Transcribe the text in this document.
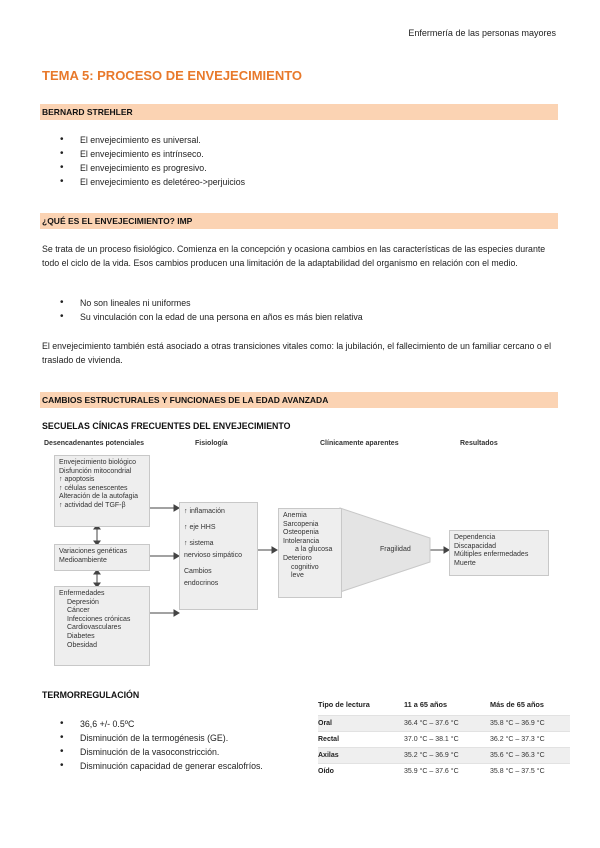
Enfermería de las personas mayores
TEMA 5: PROCESO DE ENVEJECIMIENTO
BERNARD STREHLER
• El envejecimiento es universal.
• El envejecimiento es intrínseco.
• El envejecimiento es progresivo.
• El envejecimiento es deletéreo->perjuicios
¿QUÉ ES EL ENVEJECIMIENTO? IMP
Se trata de un proceso fisiológico. Comienza en la concepción y ocasiona cambios en las características de las especies durante todo el ciclo de la vida. Esos cambios producen una limitación de la adaptabilidad del organismo en relación con el medio.
• No son lineales ni uniformes
• Su vinculación con la edad de una persona en años es más bien relativa
El envejecimiento también está asociado a otras transiciones vitales como: la jubilación, el fallecimiento de un familiar cercano o el traslado de vivienda.
CAMBIOS ESTRUCTURALES Y FUNCIONAES DE LA EDAD AVANZADA
SECUELAS CÍNICAS FRECUENTES DEL ENVEJECIMIENTO
Desencadenantes potenciales	Fisiología	Clínicamente aparentes	Resultados
Envejecimiento biológico
Disfunción mitocondrial
↑ apoptosis
↑ células senescentes
Alteración de la autofagia
↑ actividad del TGF-β
Variaciones genéticas
Medioambiente
Enfermedades
Depresión
Cáncer
Infecciones crónicas
Cardiovasculares
Diabetes
Obesidad
↑ inflamación
↑ eje HHS
↑ sistema
nervioso simpático
Cambios
endocrinos
Anemia
Sarcopenia
Osteopenia
Intolerancia
a la glucosa
Deterioro
cognitivo
leve
Fragilidad
Dependencia
Discapacidad
Múltiples enfermedades
Muerte
TERMORREGULACIÓN
• 36,6 +/- 0.5ºC
• Disminución de la termogénesis (GE).
• Disminución de la vasoconstricción.
• Disminución capacidad de generar escalofríos.
Tipo de lectura	11 a 65 años	Más de 65 años
Oral	36.4 °C – 37.6 °C	35.8 °C – 36.9 °C
Rectal	37.0 °C – 38.1 °C	36.2 °C – 37.3 °C
Axilas	35.2 °C – 36.9 °C	35.6 °C – 36.3 °C
Oído	35.9 °C – 37.6 °C	35.8 °C – 37.5 °C
